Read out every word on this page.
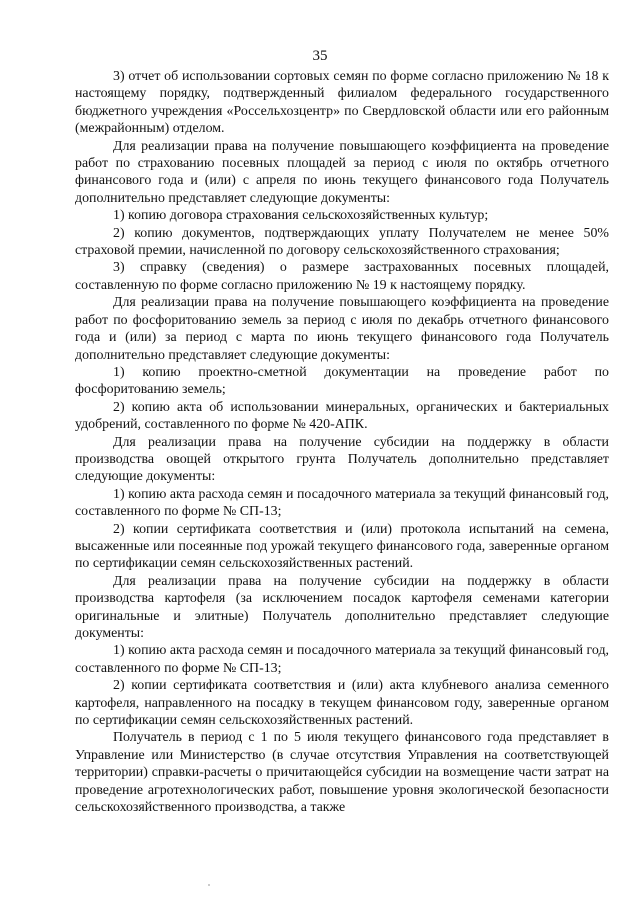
35

3) отчет об использовании сортовых семян по форме согласно приложению № 18 к настоящему порядку, подтвержденный филиалом федерального государственного бюджетного учреждения «Россельхозцентр» по Свердловской области или его районным (межрайонным) отделом.

Для реализации права на получение повышающего коэффициента на проведение работ по страхованию посевных площадей за период с июля по октябрь отчетного финансового года и (или) с апреля по июнь текущего финансового года Получатель дополнительно представляет следующие документы:

1) копию договора страхования сельскохозяйственных культур;

2) копию документов, подтверждающих уплату Получателем не менее 50% страховой премии, начисленной по договору сельскохозяйственного страхования;

3) справку (сведения) о размере застрахованных посевных площадей, составленную по форме согласно приложению № 19 к настоящему порядку.

Для реализации права на получение повышающего коэффициента на проведение работ по фосфоритованию земель за период с июля по декабрь отчетного финансового года и (или) за период с марта по июнь текущего финансового года Получатель дополнительно представляет следующие документы:

1) копию проектно-сметной документации на проведение работ по фосфоритованию земель;

2) копию акта об использовании минеральных, органических и бактериальных удобрений, составленного по форме № 420-АПК.

Для реализации права на получение субсидии на поддержку в области производства овощей открытого грунта Получатель дополнительно представляет следующие документы:

1) копию акта расхода семян и посадочного материала за текущий финансовый год, составленного по форме № СП-13;

2) копии сертификата соответствия и (или) протокола испытаний на семена, высаженные или посеянные под урожай текущего финансового года, заверенные органом по сертификации семян сельскохозяйственных растений.

Для реализации права на получение субсидии на поддержку в области производства картофеля (за исключением посадок картофеля семенами категории оригинальные и элитные) Получатель дополнительно представляет следующие документы:

1) копию акта расхода семян и посадочного материала за текущий финансовый год, составленного по форме № СП-13;

2) копии сертификата соответствия и (или) акта клубневого анализа семенного картофеля, направленного на посадку в текущем финансовом году, заверенные органом по сертификации семян сельскохозяйственных растений.

Получатель в период с 1 по 5 июля текущего финансового года представляет в Управление или Министерство (в случае отсутствия Управления на соответствующей территории) справки-расчеты о причитающейся субсидии на возмещение части затрат на проведение агротехнологических работ, повышение уровня экологической безопасности сельскохозяйственного производства, а также
